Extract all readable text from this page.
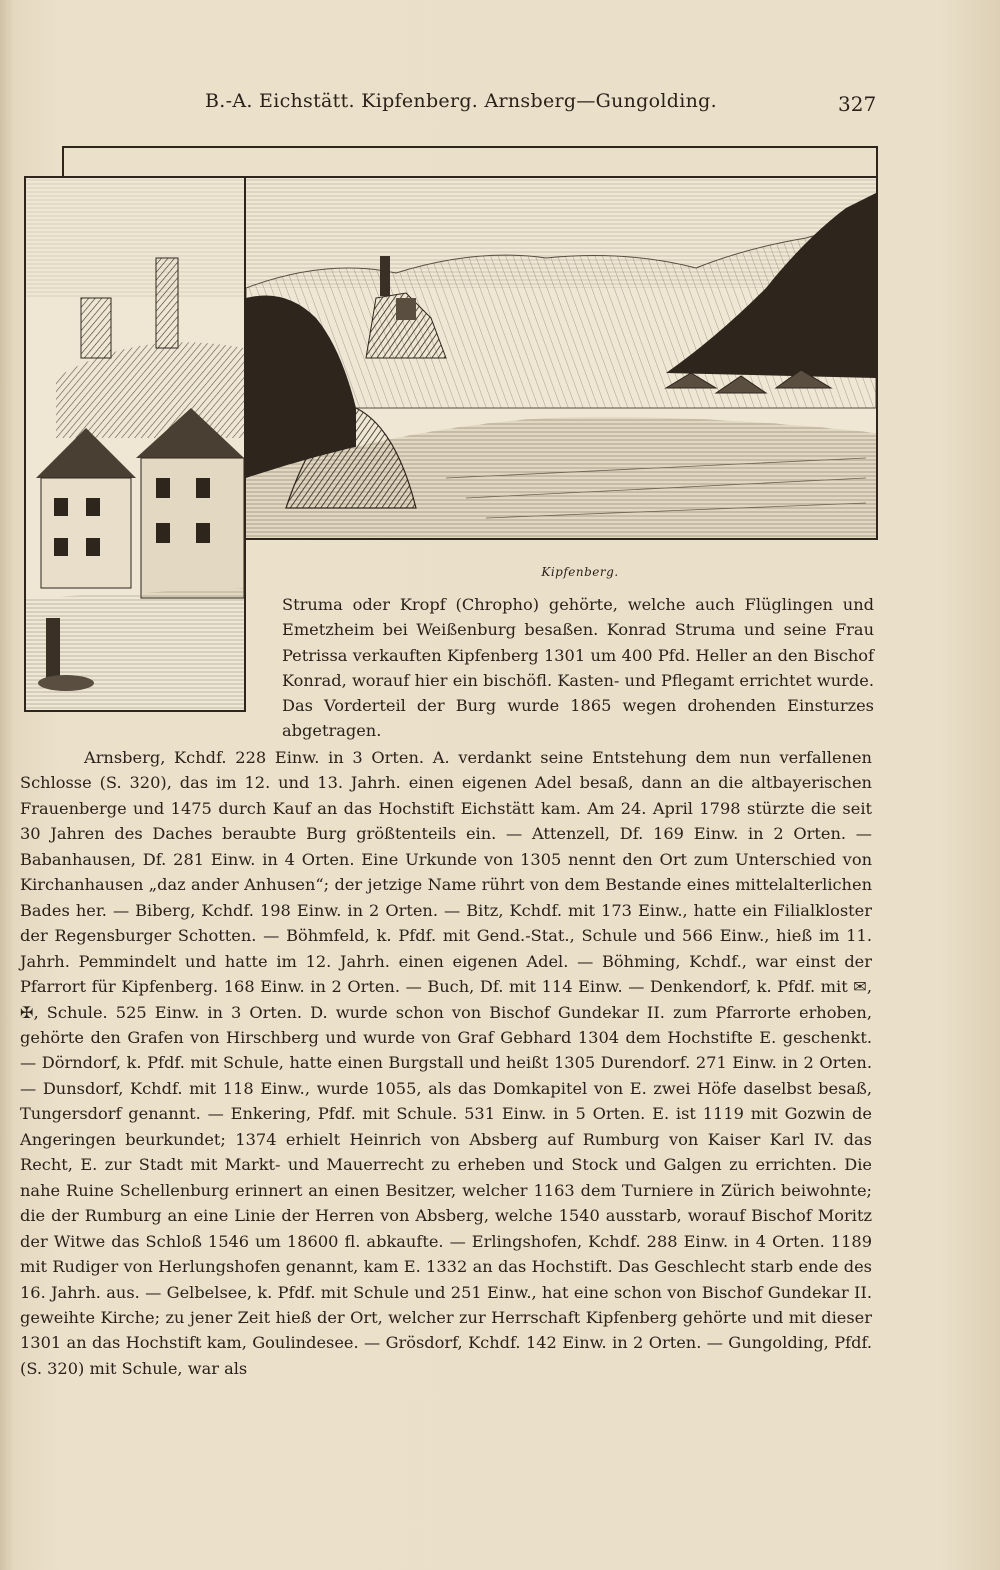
B.-A. Eichstätt. Kipfenberg. Arnsberg—Gungolding.	327
Kipfenberg.

Struma oder Kropf (Chropho) gehörte, welche auch Flüglingen und Emetzheim bei Weißenburg besaßen. Konrad Struma und seine Frau Petrissa verkauften Kipfenberg 1301 um 400 Pfd. Heller an den Bischof Konrad, worauf hier ein bischöfl. Kasten- und Pflegamt errichtet wurde. Das Vorderteil der Burg wurde 1865 wegen drohenden Einsturzes abgetragen.

Arnsberg, Kchdf. 228 Einw. in 3 Orten. A. verdankt seine Entstehung dem nun verfallenen Schlosse (S. 320), das im 12. und 13. Jahrh. einen eigenen Adel besaß, dann an die altbayerischen Frauenberge und 1475 durch Kauf an das Hochstift Eichstätt kam. Am 24. April 1798 stürzte die seit 30 Jahren des Daches beraubte Burg größtenteils ein. — Attenzell, Df. 169 Einw. in 2 Orten. — Babanhausen, Df. 281 Einw. in 4 Orten. Eine Urkunde von 1305 nennt den Ort zum Unterschied von Kirchanhausen „daz ander Anhusen“; der jetzige Name rührt von dem Bestande eines mittelalterlichen Bades her. — Biberg, Kchdf. 198 Einw. in 2 Orten. — Bitz, Kchdf. mit 173 Einw., hatte ein Filialkloster der Regensburger Schotten. — Böhmfeld, k. Pfdf. mit Gend.-Stat., Schule und 566 Einw., hieß im 11. Jahrh. Pemmindelt und hatte im 12. Jahrh. einen eigenen Adel. — Böhming, Kchdf., war einst der Pfarrort für Kipfenberg. 168 Einw. in 2 Orten. — Buch, Df. mit 114 Einw. — Denkendorf, k. Pfdf. mit ✉, ✠, Schule. 525 Einw. in 3 Orten. D. wurde schon von Bischof Gundekar II. zum Pfarrorte erhoben, gehörte den Grafen von Hirschberg und wurde von Graf Gebhard 1304 dem Hochstifte E. geschenkt. — Dörndorf, k. Pfdf. mit Schule, hatte einen Burgstall und heißt 1305 Durendorf. 271 Einw. in 2 Orten. — Dunsdorf, Kchdf. mit 118 Einw., wurde 1055, als das Domkapitel von E. zwei Höfe daselbst besaß, Tungersdorf genannt. — Enkering, Pfdf. mit Schule. 531 Einw. in 5 Orten. E. ist 1119 mit Gozwin de Angeringen beurkundet; 1374 erhielt Heinrich von Absberg auf Rumburg von Kaiser Karl IV. das Recht, E. zur Stadt mit Markt- und Mauerrecht zu erheben und Stock und Galgen zu errichten. Die nahe Ruine Schellenburg erinnert an einen Besitzer, welcher 1163 dem Turniere in Zürich beiwohnte; die der Rumburg an eine Linie der Herren von Absberg, welche 1540 ausstarb, worauf Bischof Moritz der Witwe das Schloß 1546 um 18600 fl. abkaufte. — Erlingshofen, Kchdf. 288 Einw. in 4 Orten. 1189 mit Rudiger von Herlungshofen genannt, kam E. 1332 an das Hochstift. Das Geschlecht starb ende des 16. Jahrh. aus. — Gelbelsee, k. Pfdf. mit Schule und 251 Einw., hat eine schon von Bischof Gundekar II. geweihte Kirche; zu jener Zeit hieß der Ort, welcher zur Herrschaft Kipfenberg gehörte und mit dieser 1301 an das Hochstift kam, Goulindesee. — Grösdorf, Kchdf. 142 Einw. in 2 Orten. — Gungolding, Pfdf. (S. 320) mit Schule, war als
